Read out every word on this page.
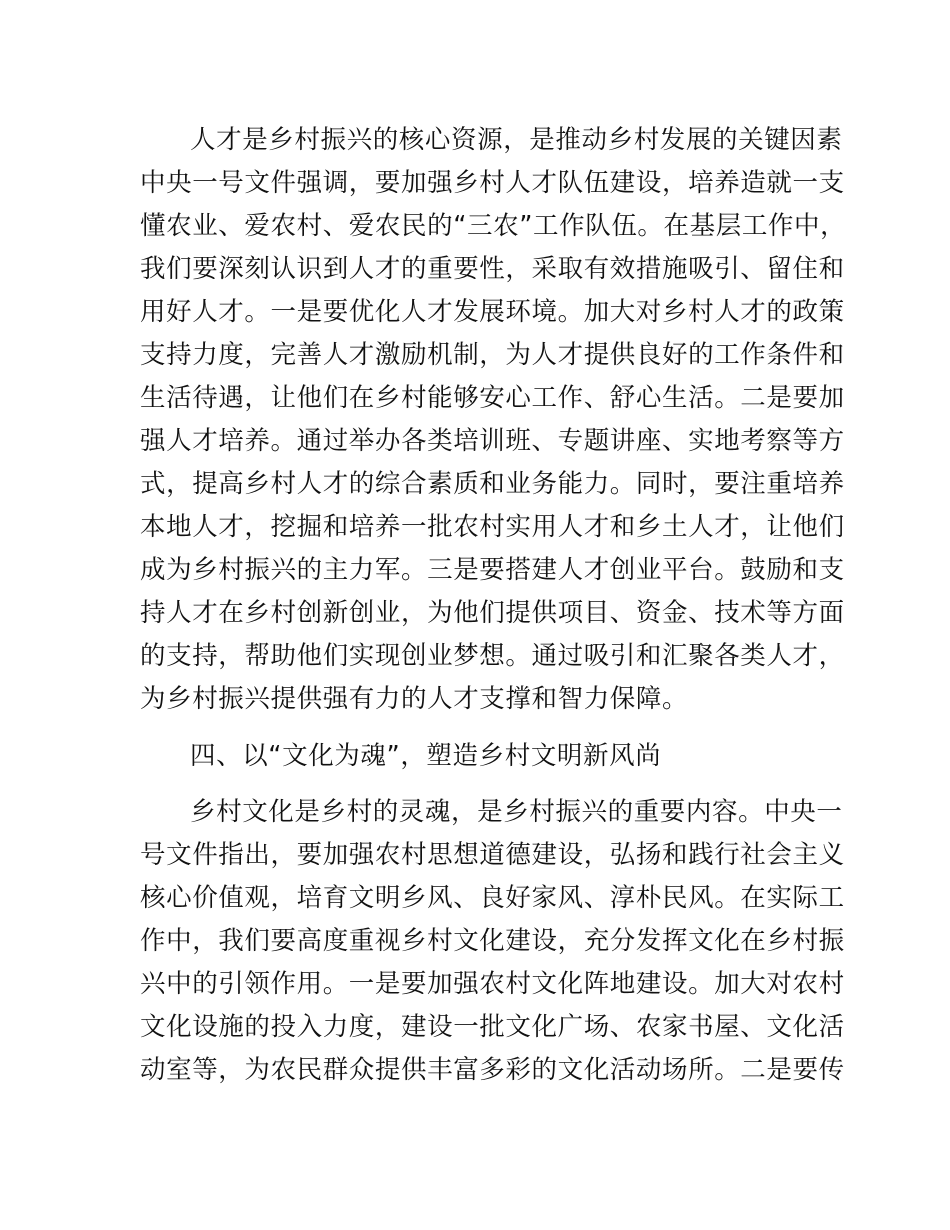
人才是乡村振兴的核心资源，是推动乡村发展的关键因素
中央一号文件强调，要加强乡村人才队伍建设，培养造就一支
懂农业、爱农村、爱农民的“三农”工作队伍。在基层工作中，
我们要深刻认识到人才的重要性，采取有效措施吸引、留住和
用好人才。一是要优化人才发展环境。加大对乡村人才的政策
支持力度，完善人才激励机制，为人才提供良好的工作条件和
生活待遇，让他们在乡村能够安心工作、舒心生活。二是要加
强人才培养。通过举办各类培训班、专题讲座、实地考察等方
式，提高乡村人才的综合素质和业务能力。同时，要注重培养
本地人才，挖掘和培养一批农村实用人才和乡土人才，让他们
成为乡村振兴的主力军。三是要搭建人才创业平台。鼓励和支
持人才在乡村创新创业，为他们提供项目、资金、技术等方面
的支持，帮助他们实现创业梦想。通过吸引和汇聚各类人才，
为乡村振兴提供强有力的人才支撑和智力保障。
四、以“文化为魂”，塑造乡村文明新风尚
乡村文化是乡村的灵魂，是乡村振兴的重要内容。中央一
号文件指出，要加强农村思想道德建设，弘扬和践行社会主义
核心价值观，培育文明乡风、良好家风、淳朴民风。在实际工
作中，我们要高度重视乡村文化建设，充分发挥文化在乡村振
兴中的引领作用。一是要加强农村文化阵地建设。加大对农村
文化设施的投入力度，建设一批文化广场、农家书屋、文化活
动室等，为农民群众提供丰富多彩的文化活动场所。二是要传
